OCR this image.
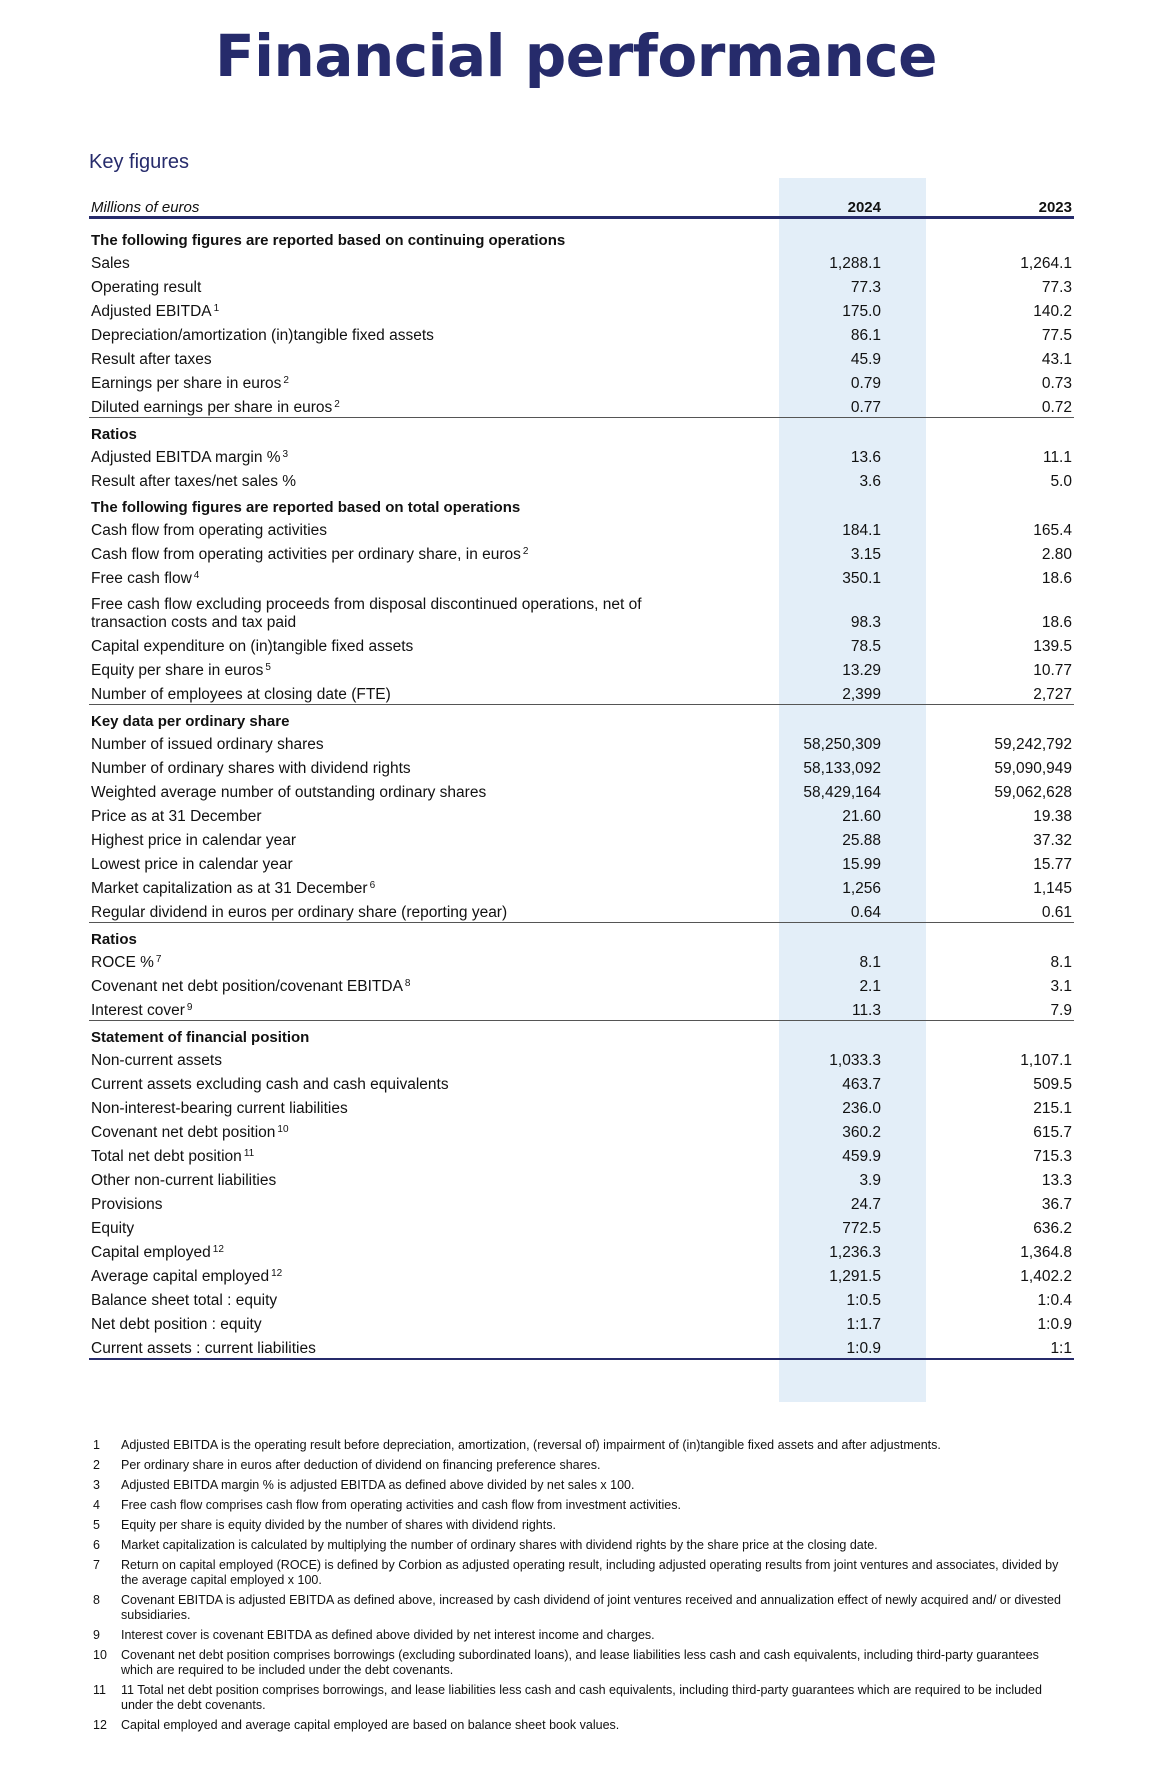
Financial performance
Key figures
Millions of euros	2024		2023
The following figures are reported based on continuing operations			
Sales	1,288.1		1,264.1
Operating result	77.3		77.3
Adjusted EBITDA $^1$	175.0		140.2
Depreciation/amortization (in)tangible fixed assets	86.1		77.5
Result after taxes	45.9		43.1
Earnings per share in euros $^2$	0.79		0.73
Diluted earnings per share in euros $^2$	0.77		0.72
Ratios			
Adjusted EBITDA margin % $^3$	13.6		11.1
Result after taxes/net sales %	3.6		5.0
The following figures are reported based on total operations			
Cash flow from operating activities	184.1		165.4
Cash flow from operating activities per ordinary share, in euros $^2$	3.15		2.80
Free cash flow $^4$	350.1		18.6
Free cash flow excluding proceeds from disposal discontinued operations, net of transaction costs and tax paid	98.3		18.6
Capital expenditure on (in)tangible fixed assets	78.5		139.5
Equity per share in euros $^5$	13.29		10.77
Number of employees at closing date (FTE)	2,399		2,727
Key data per ordinary share			
Number of issued ordinary shares	58,250,309		59,242,792
Number of ordinary shares with dividend rights	58,133,092		59,090,949
Weighted average number of outstanding ordinary shares	58,429,164		59,062,628
Price as at 31 December	21.60		19.38
Highest price in calendar year	25.88		37.32
Lowest price in calendar year	15.99		15.77
Market capitalization as at 31 December $^6$	1,256		1,145
Regular dividend in euros per ordinary share (reporting year)	0.64		0.61
Ratios			
ROCE % $^7$	8.1		8.1
Covenant net debt position/covenant EBITDA $^8$	2.1		3.1
Interest cover $^9$	11.3		7.9
Statement of financial position			
Non-current assets	1,033.3		1,107.1
Current assets excluding cash and cash equivalents	463.7		509.5
Non-interest-bearing current liabilities	236.0		215.1
Covenant net debt position $^{10}$	360.2		615.7
Total net debt position $^{11}$	459.9		715.3
Other non-current liabilities	3.9		13.3
Provisions	24.7		36.7
Equity	772.5		636.2
Capital employed $^{12}$	1,236.3		1,364.8
Average capital employed $^{12}$	1,291.5		1,402.2
Balance sheet total : equity	1:0.5		1:0.4
Net debt position : equity	1:1.7		1:0.9
Current assets : current liabilities	1:0.9		1:1
1	Adjusted EBITDA is the operating result before depreciation, amortization, (reversal of) impairment of (in)tangible fixed assets and after adjustments.
2	Per ordinary share in euros after deduction of dividend on financing preference shares.
3	Adjusted EBITDA margin % is adjusted EBITDA as defined above divided by net sales x 100.
4	Free cash flow comprises cash flow from operating activities and cash flow from investment activities.
5	Equity per share is equity divided by the number of shares with dividend rights.
6	Market capitalization is calculated by multiplying the number of ordinary shares with dividend rights by the share price at the closing date.
7	Return on capital employed (ROCE) is defined by Corbion as adjusted operating result, including adjusted operating results from joint ventures and associates, divided by the average capital employed x 100.
8	Covenant EBITDA is adjusted EBITDA as defined above, increased by cash dividend of joint ventures received and annualization effect of newly acquired and/ or divested subsidiaries.
9	Interest cover is covenant EBITDA as defined above divided by net interest income and charges.
10	Covenant net debt position comprises borrowings (excluding subordinated loans), and lease liabilities less cash and cash equivalents, including third-party guarantees which are required to be included under the debt covenants.
11	11 Total net debt position comprises borrowings, and lease liabilities less cash and cash equivalents, including third-party guarantees which are required to be included under the debt covenants.
12	Capital employed and average capital employed are based on balance sheet book values.
